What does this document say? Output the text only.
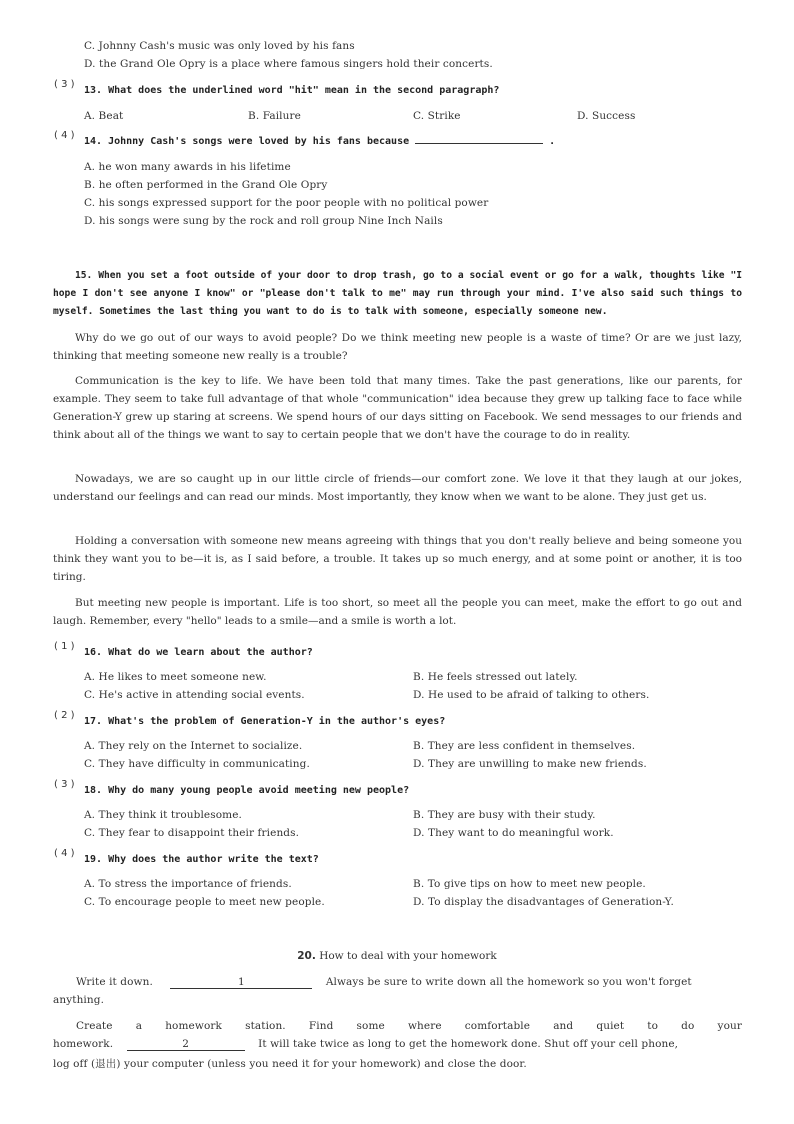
C. Johnny Cash's music was only loved by his fans
D. the Grand Ole Opry is a place where famous singers hold their concerts.
( 3 )
13. What does the underlined word "hit" mean in the second paragraph?
A. Beat	B. Failure	C. Strike	D. Success
( 4 )
14. Johnny Cash's songs were loved by his fans because	.
A. he won many awards in his lifetime
B. he often performed in the Grand Ole Opry
C. his songs expressed support for the poor people with no political power
D. his songs were sung by the rock and roll group Nine Inch Nails
15. When you set a foot outside of your door to drop trash, go to a social event or go for a walk, thoughts like "I hope I don't see anyone I know" or "please don't talk to me" may run through your mind. I've also said such things to myself. Sometimes the last thing you want to do is to talk with someone, especially someone new.
Why do we go out of our ways to avoid people? Do we think meeting new people is a waste of time? Or are we just lazy, thinking that meeting someone new really is a trouble?
Communication is the key to life. We have been told that many times. Take the past generations, like our parents, for example. They seem to take full advantage of that whole "communication" idea because they grew up talking face to face while Generation-Y grew up staring at screens. We spend hours of our days sitting on Facebook. We send messages to our friends and think about all of the things we want to say to certain people that we don't have the courage to do in reality.
Nowadays, we are so caught up in our little circle of friends—our comfort zone. We love it that they laugh at our jokes, understand our feelings and can read our minds. Most importantly, they know when we want to be alone. They just get us.
Holding a conversation with someone new means agreeing with things that you don't really believe and being someone you think they want you to be—it is, as I said before, a trouble. It takes up so much energy, and at some point or another, it is too tiring.
But meeting new people is important. Life is too short, so meet all the people you can meet, make the effort to go out and laugh. Remember, every "hello" leads to a smile—and a smile is worth a lot.
( 1 )
16. What do we learn about the author?
A. He likes to meet someone new.	B. He feels stressed out lately.
C. He's active in attending social events.	D. He used to be afraid of talking to others.
( 2 )
17. What's the problem of Generation-Y in the author's eyes?
A. They rely on the Internet to socialize.	B. They are less confident in themselves.
C. They have difficulty in communicating.	D. They are unwilling to make new friends.
( 3 )
18. Why do many young people avoid meeting new people?
A. They think it troublesome.	B. They are busy with their study.
C. They fear to disappoint their friends.	D. They want to do meaningful work.
( 4 )
19. Why does the author write the text?
A. To stress the importance of friends.	B. To give tips on how to meet new people.
C. To encourage people to meet new people.	D. To display the disadvantages of Generation-Y.
20. How to deal with your homework
Write it down.	1	Always be sure to write down all the homework so you won't forget
anything.
Create a homework station. Find some where comfortable and quiet to do your
homework.	2	It will take twice as long to get the homework done. Shut off your cell phone,
log off (退出) your computer (unless you need it for your homework) and close the door.
